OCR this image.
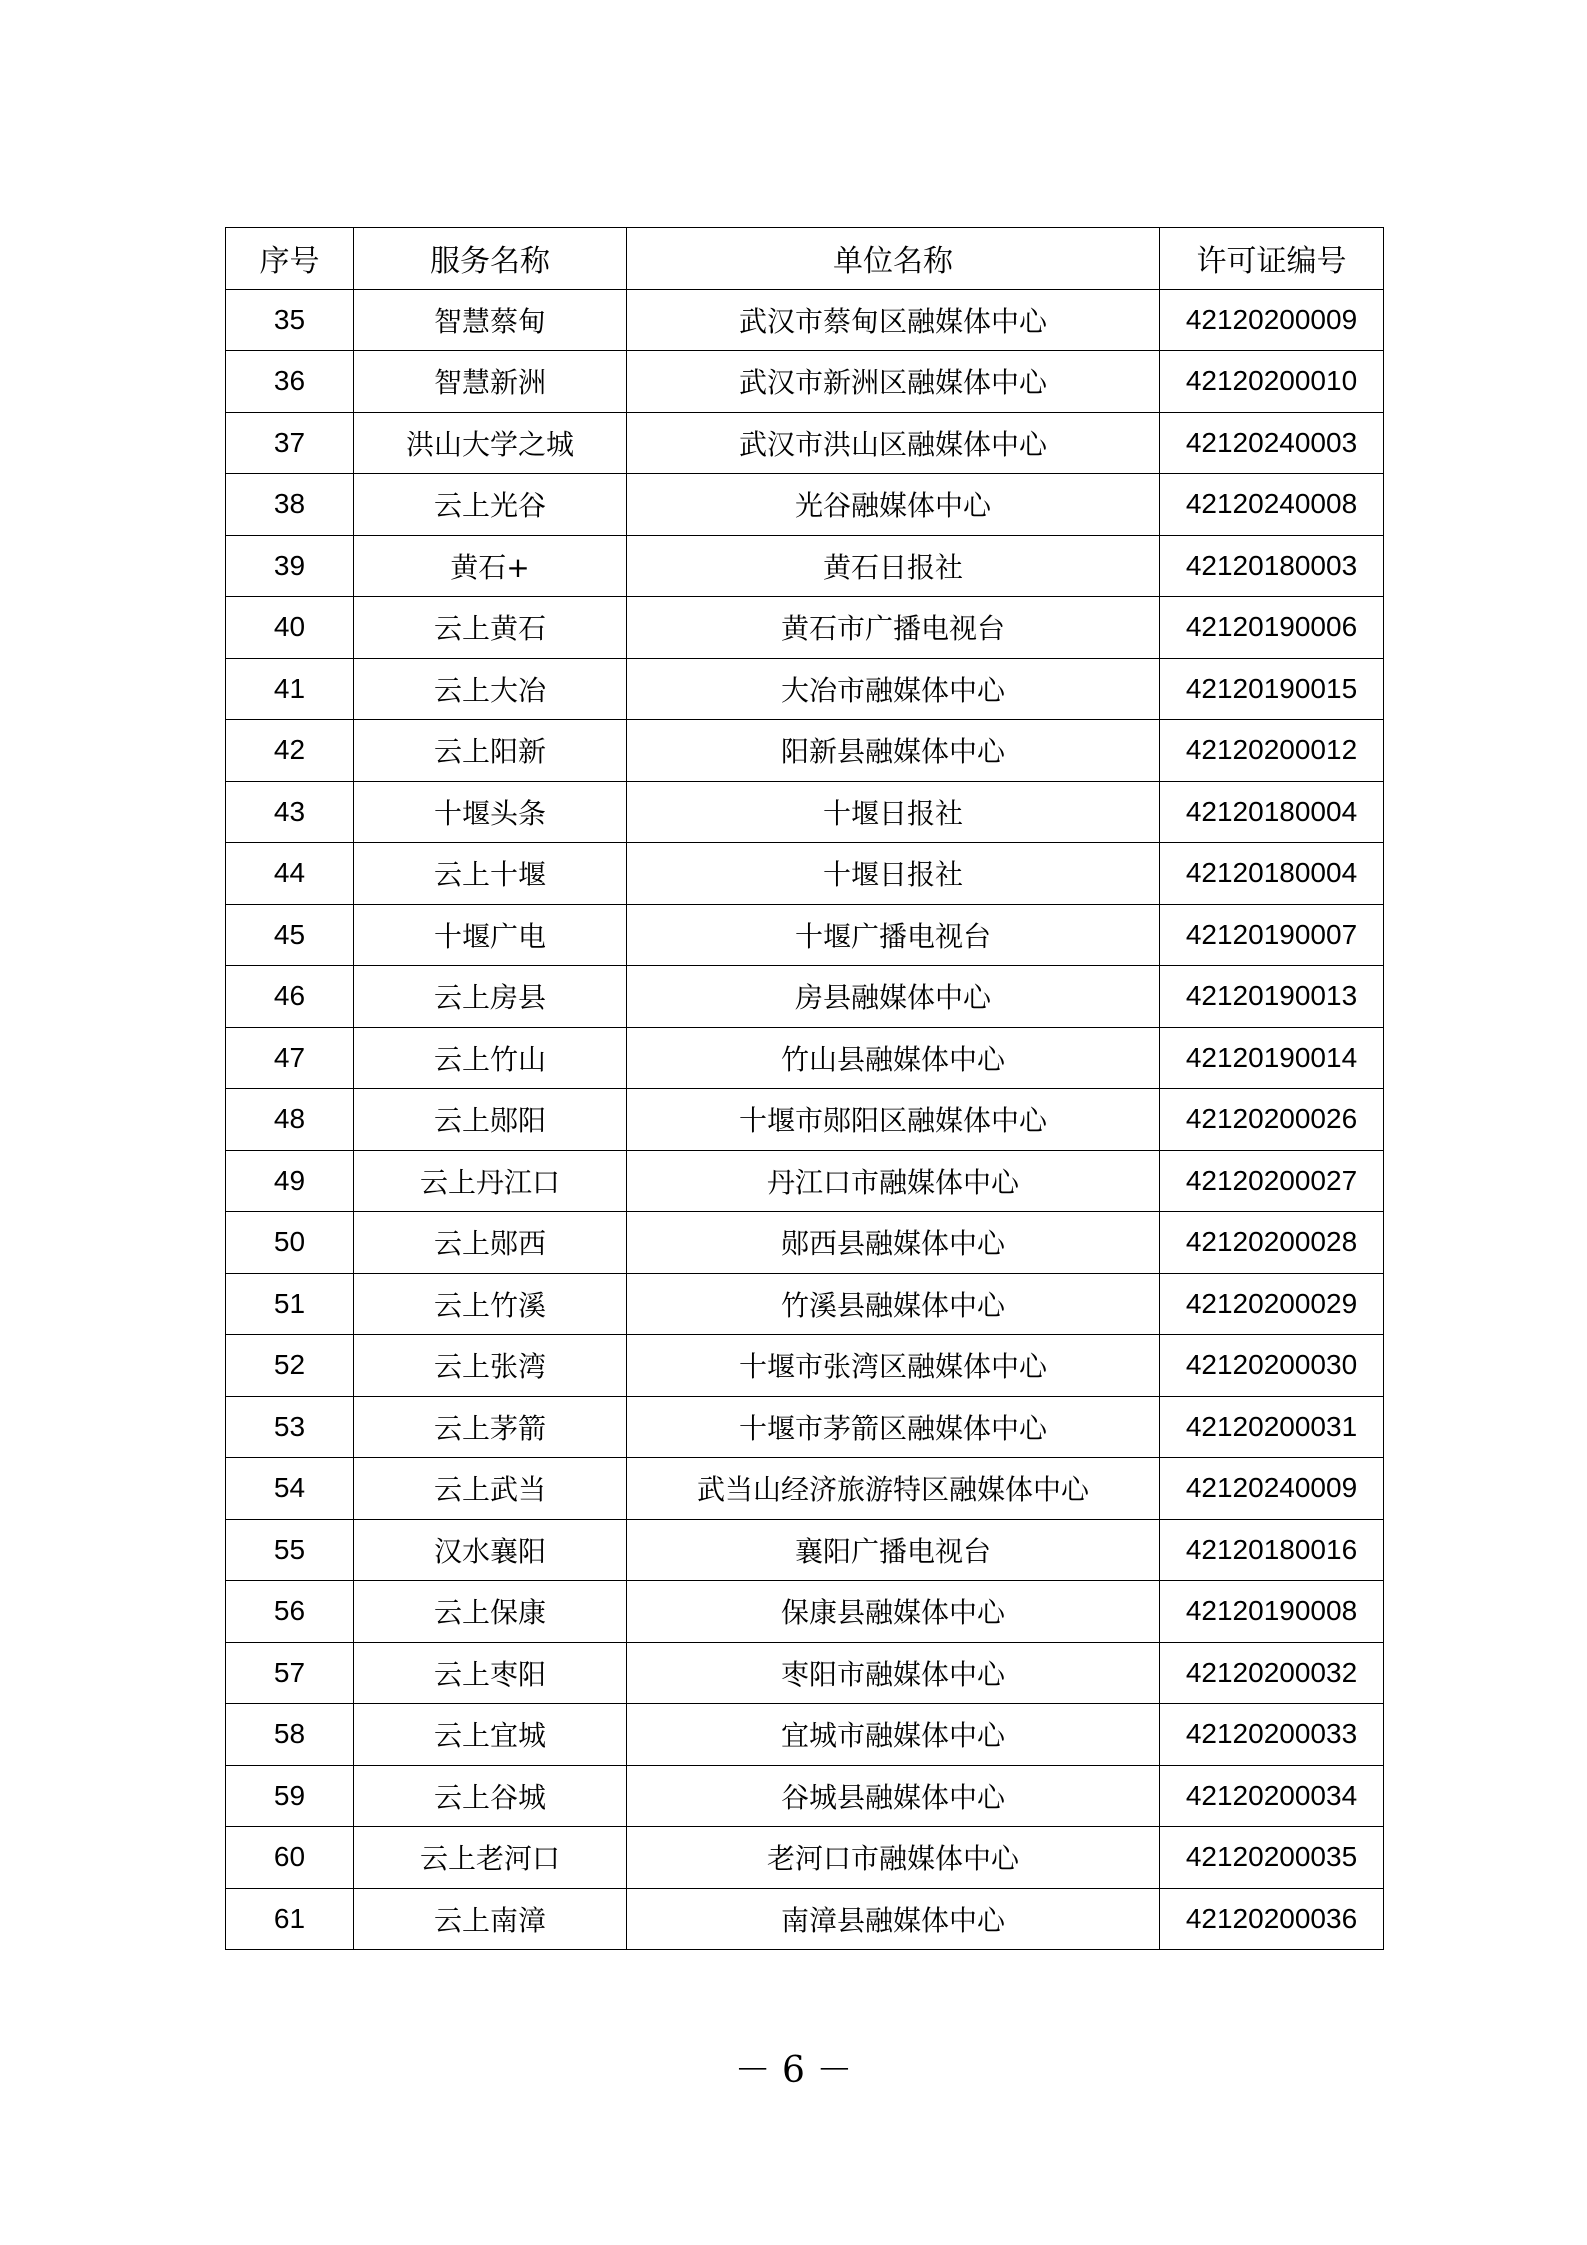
序号	服务名称	单位名称	许可证编号
35	智慧蔡甸	武汉市蔡甸区融媒体中心	42120200009
36	智慧新洲	武汉市新洲区融媒体中心	42120200010
37	洪山大学之城	武汉市洪山区融媒体中心	42120240003
38	云上光谷	光谷融媒体中心	42120240008
39	黄石+	黄石日报社	42120180003
40	云上黄石	黄石市广播电视台	42120190006
41	云上大冶	大冶市融媒体中心	42120190015
42	云上阳新	阳新县融媒体中心	42120200012
43	十堰头条	十堰日报社	42120180004
44	云上十堰	十堰日报社	42120180004
45	十堰广电	十堰广播电视台	42120190007
46	云上房县	房县融媒体中心	42120190013
47	云上竹山	竹山县融媒体中心	42120190014
48	云上郧阳	十堰市郧阳区融媒体中心	42120200026
49	云上丹江口	丹江口市融媒体中心	42120200027
50	云上郧西	郧西县融媒体中心	42120200028
51	云上竹溪	竹溪县融媒体中心	42120200029
52	云上张湾	十堰市张湾区融媒体中心	42120200030
53	云上茅箭	十堰市茅箭区融媒体中心	42120200031
54	云上武当	武当山经济旅游特区融媒体中心	42120240009
55	汉水襄阳	襄阳广播电视台	42120180016
56	云上保康	保康县融媒体中心	42120190008
57	云上枣阳	枣阳市融媒体中心	42120200032
58	云上宜城	宜城市融媒体中心	42120200033
59	云上谷城	谷城县融媒体中心	42120200034
60	云上老河口	老河口市融媒体中心	42120200035
61	云上南漳	南漳县融媒体中心	42120200036
－ 6 －
